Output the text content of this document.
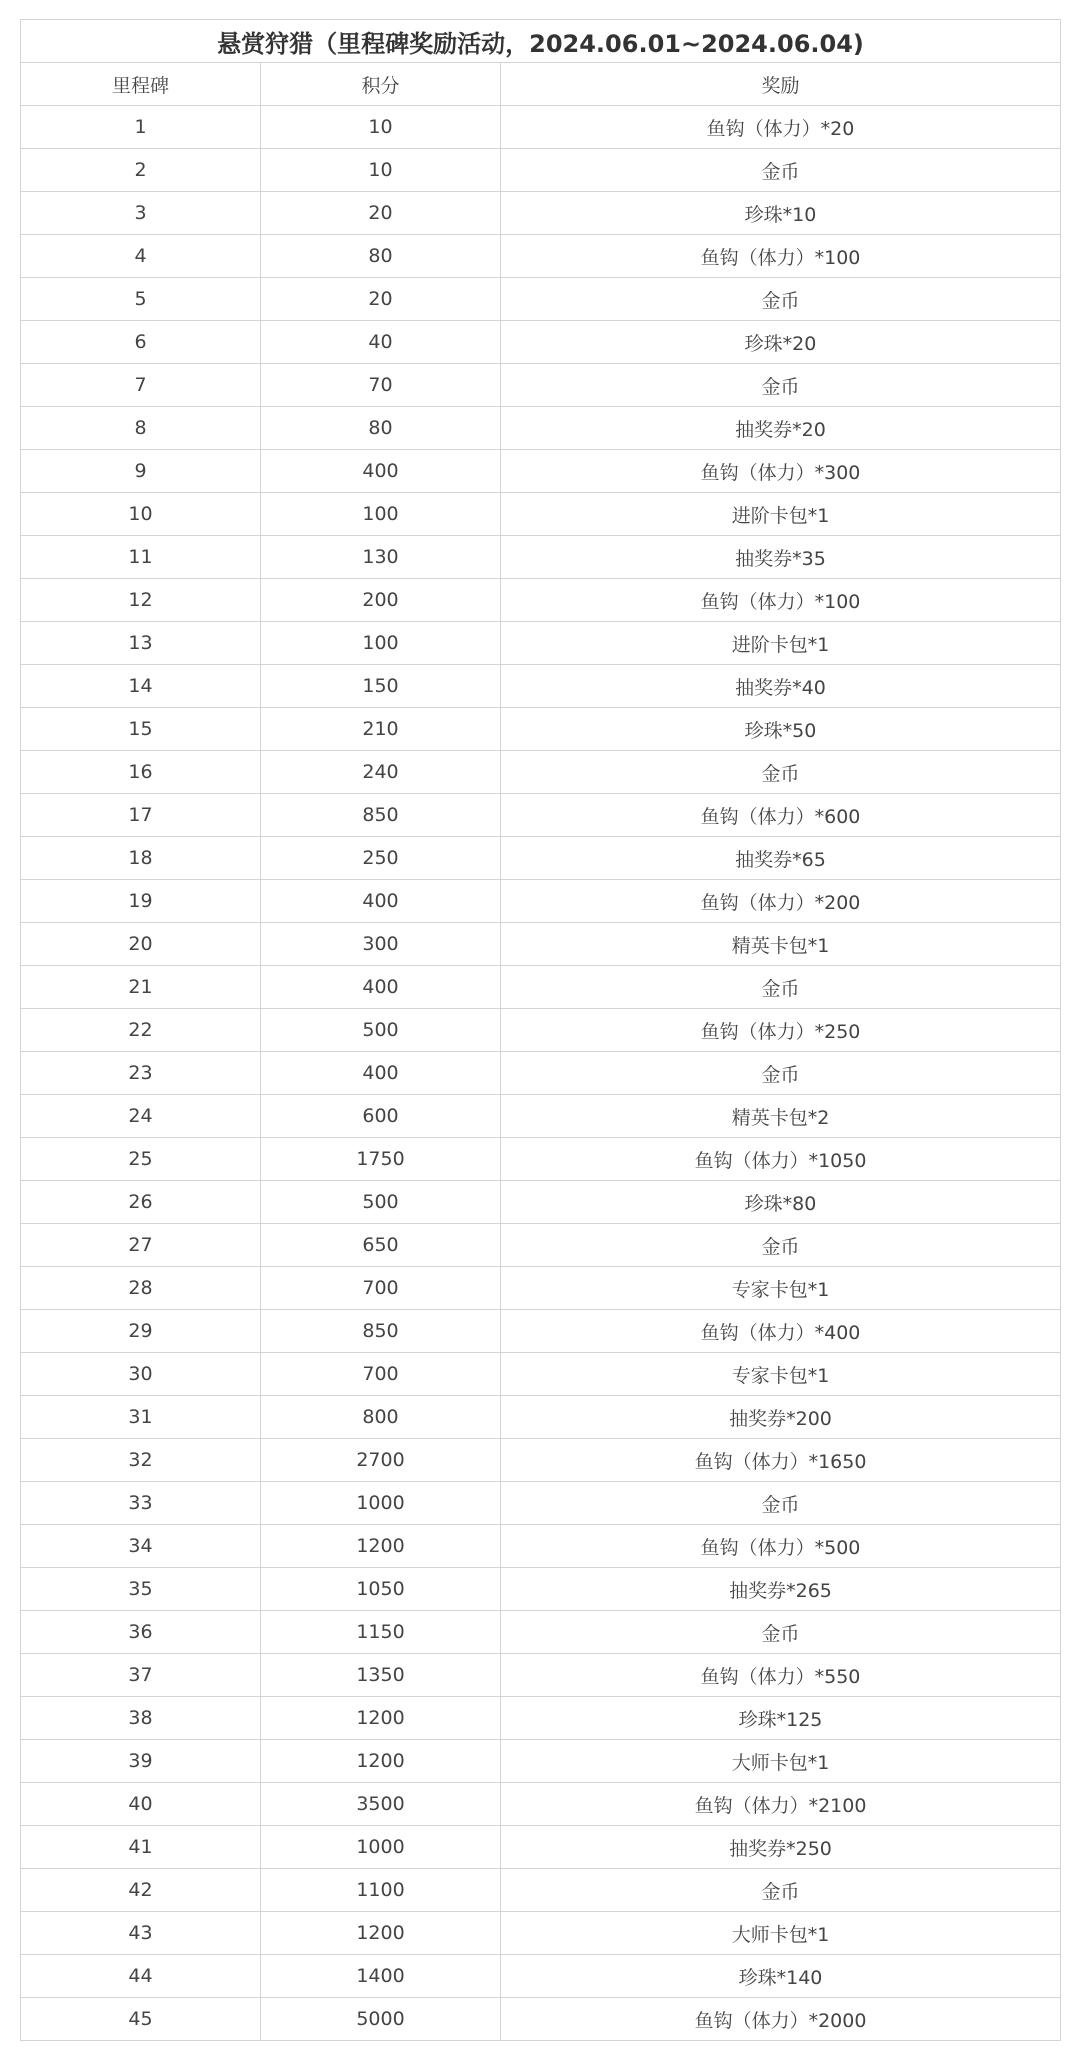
悬赏狩猎（里程碑奖励活动，2024.06.01~2024.06.04)		
里程碑	积分	奖励
1	10	鱼钩（体力）*20
2	10	金币
3	20	珍珠*10
4	80	鱼钩（体力）*100
5	20	金币
6	40	珍珠*20
7	70	金币
8	80	抽奖券*20
9	400	鱼钩（体力）*300
10	100	进阶卡包*1
11	130	抽奖券*35
12	200	鱼钩（体力）*100
13	100	进阶卡包*1
14	150	抽奖券*40
15	210	珍珠*50
16	240	金币
17	850	鱼钩（体力）*600
18	250	抽奖券*65
19	400	鱼钩（体力）*200
20	300	精英卡包*1
21	400	金币
22	500	鱼钩（体力）*250
23	400	金币
24	600	精英卡包*2
25	1750	鱼钩（体力）*1050
26	500	珍珠*80
27	650	金币
28	700	专家卡包*1
29	850	鱼钩（体力）*400
30	700	专家卡包*1
31	800	抽奖券*200
32	2700	鱼钩（体力）*1650
33	1000	金币
34	1200	鱼钩（体力）*500
35	1050	抽奖券*265
36	1150	金币
37	1350	鱼钩（体力）*550
38	1200	珍珠*125
39	1200	大师卡包*1
40	3500	鱼钩（体力）*2100
41	1000	抽奖券*250
42	1100	金币
43	1200	大师卡包*1
44	1400	珍珠*140
45	5000	鱼钩（体力）*2000
